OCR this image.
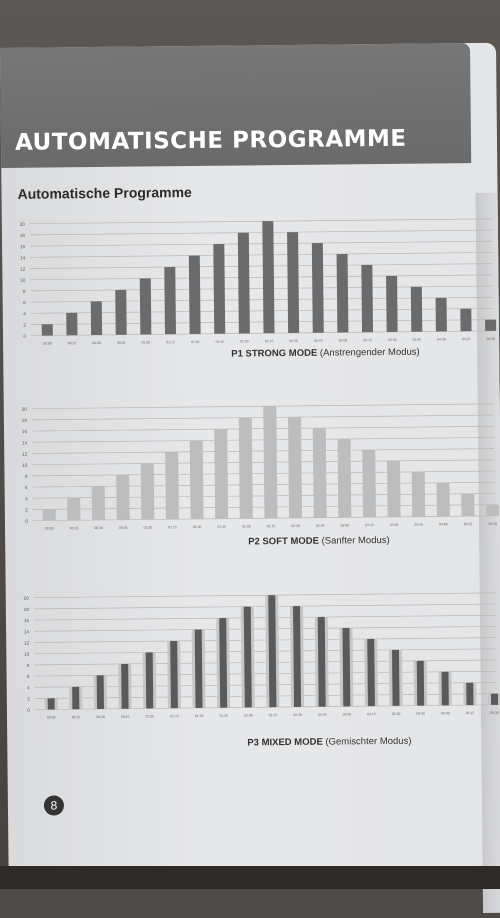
AUTOMATISCHE PROGRAMME
Automatische Programme
0
2
4
6
8
10
12
14
16
18
20
00:00	00:15	00:30	00:45	01:00	01:15	01:30	01:45	02:00	02:15	02:30	02:45	03:00	03:15	03:30	03:45	04:00	04:15	04:30
P1 STRONG MODE (Anstrengender Modus)
0
2
4
6
8
10
12
14
16
18
20
00:00	00:15	00:30	00:45	01:00	01:15	01:30	01:45	02:00	02:15	02:30	02:45	03:00	03:15	03:30	03:45	04:00	04:15	04:30
P2 SOFT MODE (Sanfter Modus)
0
2
4
6
8
10
12
14
16
18
20
00:00	00:15	00:30	00:45	01:00	01:15	01:30	01:45	02:00	02:15	02:30	02:45	03:00	03:15	03:30	03:45	04:00	04:15	04:30
P3 MIXED MODE (Gemischter Modus)
8
